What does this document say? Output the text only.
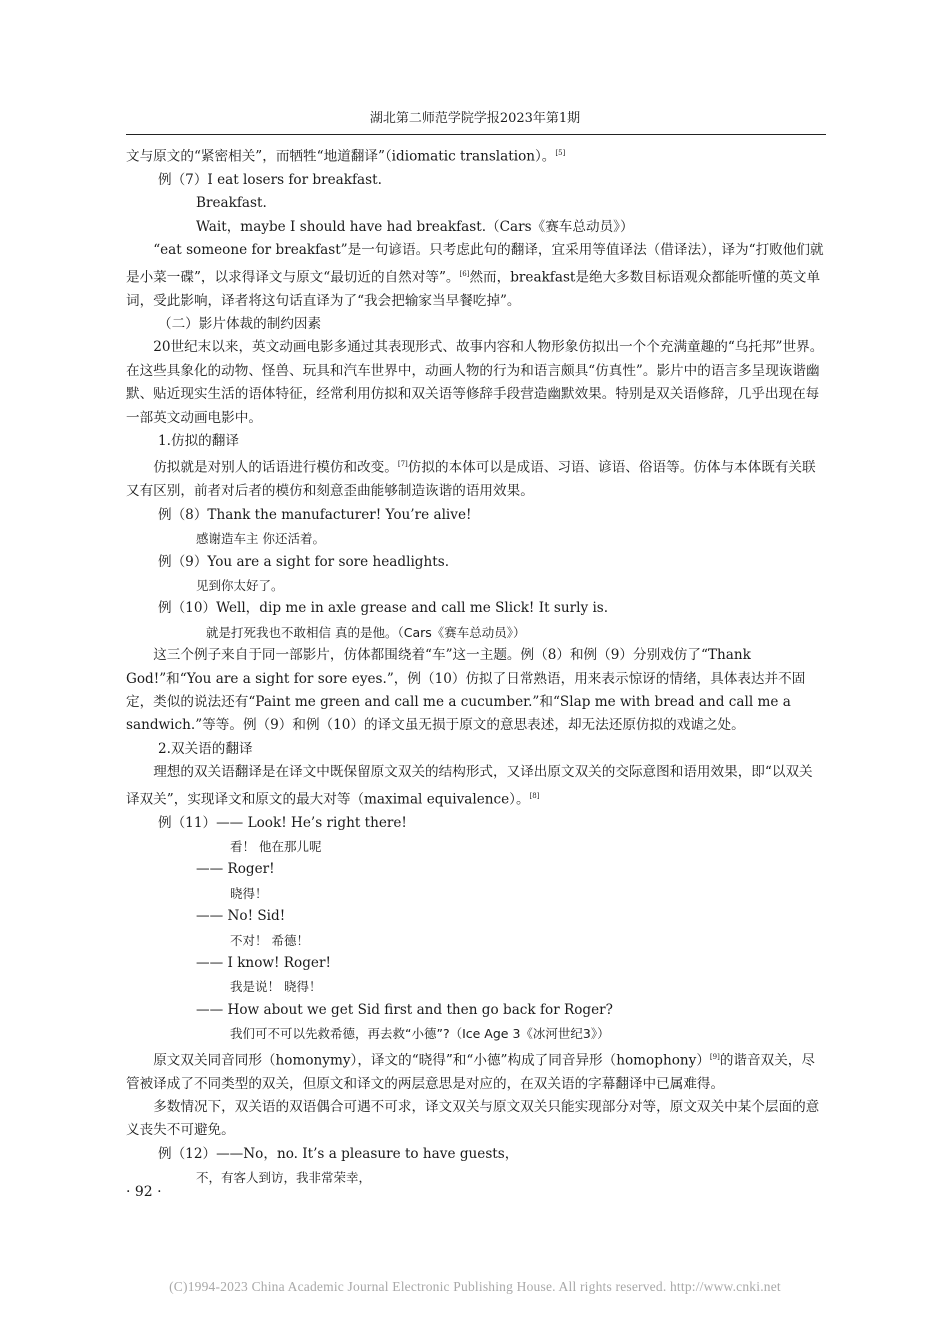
湖北第二师范学院学报2023年第1期

文与原文的“紧密相关”，而牺牲“地道翻译”（idiomatic translation）。[5]

例（7）I eat losers for breakfast.

Breakfast.

Wait，maybe I should have had breakfast.（Cars《赛车总动员》）

“eat someone for breakfast”是一句谚语。只考虑此句的翻译，宜采用等值译法（借译法），译为“打败他们就是小菜一碟”，以求得译文与原文“最切近的自然对等”。[6]然而，breakfast是绝大多数目标语观众都能听懂的英文单词，受此影响，译者将这句话直译为了“我会把输家当早餐吃掉”。

（二）影片体裁的制约因素

20世纪末以来，英文动画电影多通过其表现形式、故事内容和人物形象仿拟出一个个充满童趣的“乌托邦”世界。在这些具象化的动物、怪兽、玩具和汽车世界中，动画人物的行为和语言颇具“仿真性”。影片中的语言多呈现诙谐幽默、贴近现实生活的语体特征，经常利用仿拟和双关语等修辞手段营造幽默效果。特别是双关语修辞，几乎出现在每一部英文动画电影中。

1.仿拟的翻译

仿拟就是对别人的话语进行模仿和改变。[7]仿拟的本体可以是成语、习语、谚语、俗语等。仿体与本体既有关联又有区别，前者对后者的模仿和刻意歪曲能够制造诙谐的语用效果。

例（8）Thank the manufacturer! You’re alive!

感谢造车主 你还活着。

例（9）You are a sight for sore headlights.

见到你太好了。

例（10）Well，dip me in axle grease and call me Slick! It surly is.

就是打死我也不敢相信 真的是他。（Cars《赛车总动员》）

这三个例子来自于同一部影片，仿体都围绕着“车”这一主题。例（8）和例（9）分别戏仿了“Thank God!”和“You are a sight for sore eyes.”，例（10）仿拟了日常熟语，用来表示惊讶的情绪，具体表达并不固定，类似的说法还有“Paint me green and call me a cucumber.”和“Slap me with bread and call me a sandwich.”等等。例（9）和例（10）的译文虽无损于原文的意思表述，却无法还原仿拟的戏谑之处。

2.双关语的翻译

理想的双关语翻译是在译文中既保留原文双关的结构形式，又译出原文双关的交际意图和语用效果，即“以双关译双关”，实现译文和原文的最大对等（maximal equivalence）。[8]

例（11）—— Look! He’s right there!

看！ 他在那儿呢

—— Roger!

晓得！

—— No! Sid!

不对！ 希德！

—— I know! Roger!

我是说！ 晓得！

—— How about we get Sid first and then go back for Roger?

我们可不可以先救希德，再去救“小德”?（Ice Age 3《冰河世纪3》）

原文双关同音同形（homonymy），译文的“晓得”和“小德”构成了同音异形（homophony）[9]的谐音双关，尽管被译成了不同类型的双关，但原文和译文的两层意思是对应的，在双关语的字幕翻译中已属难得。

多数情况下，双关语的双语偶合可遇不可求，译文双关与原文双关只能实现部分对等，原文双关中某个层面的意义丧失不可避免。

例（12）——No，no. It’s a pleasure to have guests，

不，有客人到访，我非常荣幸，

· 92 ·
(C)1994-2023 China Academic Journal Electronic Publishing House. All rights reserved. http://www.cnki.net
